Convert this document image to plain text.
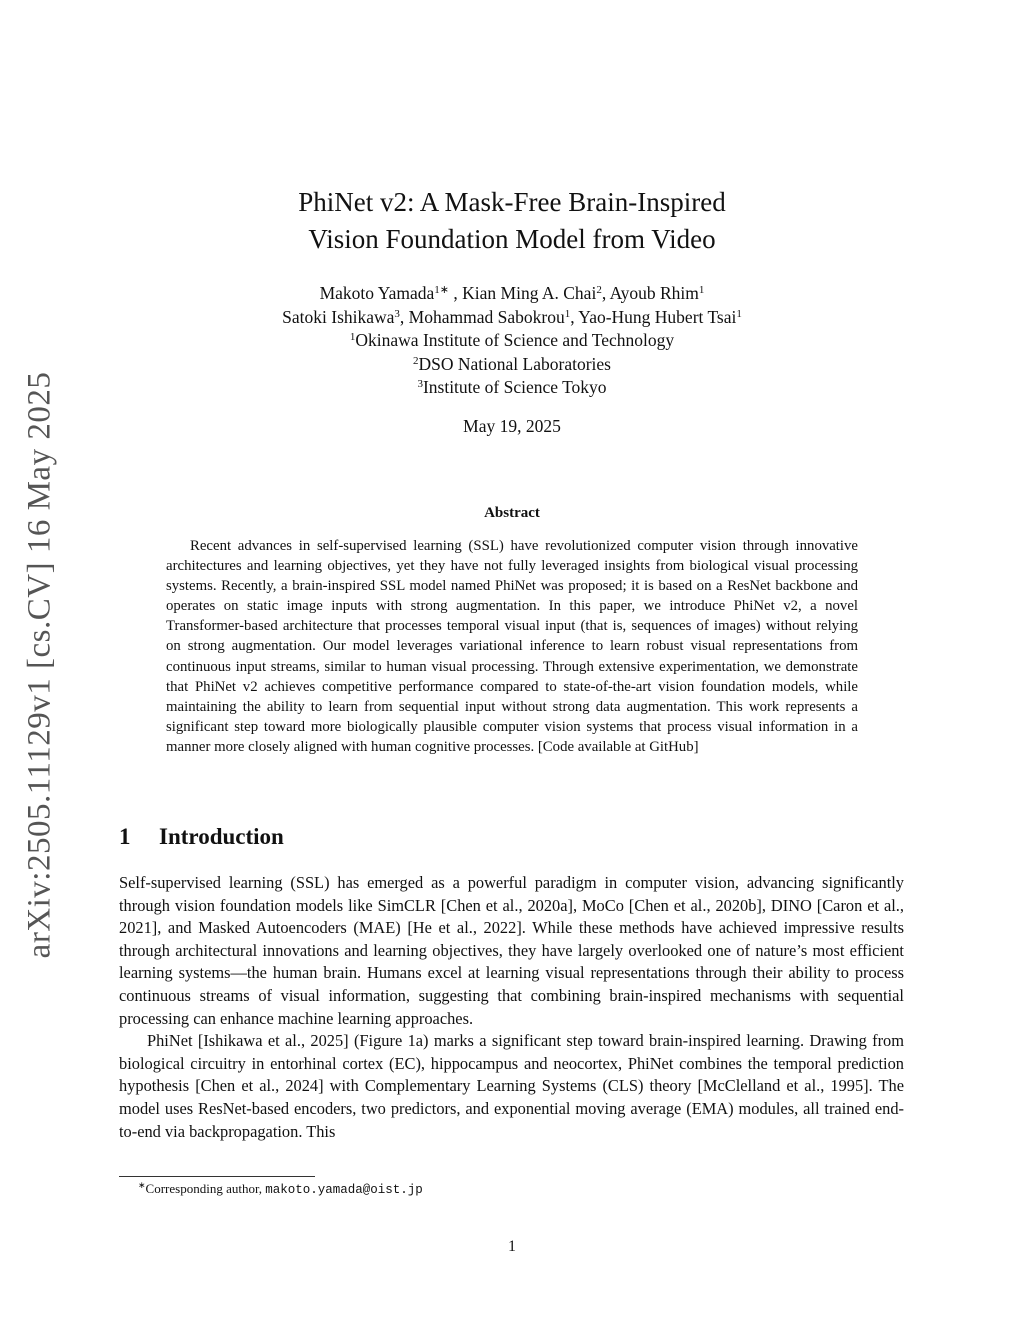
arXiv:2505.11129v1 [cs.CV] 16 May 2025
PhiNet v2: A Mask-Free Brain-Inspired
Vision Foundation Model from Video
Makoto Yamada$^{1∗}$ , Kian Ming A. Chai$^2$, Ayoub Rhim$^1$
Satoki Ishikawa$^3$, Mohammad Sabokrou$^1$, Yao-Hung Hubert Tsai$^1$
$^1$Okinawa Institute of Science and Technology
$^2$DSO National Laboratories
$^3$Institute of Science Tokyo
May 19, 2025
Abstract

Recent advances in self-supervised learning (SSL) have revolutionized computer vision through innovative architectures and learning objectives, yet they have not fully leveraged insights from biological visual processing systems. Recently, a brain-inspired SSL model named PhiNet was proposed; it is based on a ResNet backbone and operates on static image inputs with strong augmentation. In this paper, we introduce PhiNet v2, a novel Transformer-based architecture that processes temporal visual input (that is, sequences of images) without relying on strong augmentation. Our model leverages variational inference to learn robust visual representations from continuous input streams, similar to human visual processing. Through extensive experimentation, we demonstrate that PhiNet v2 achieves competitive performance compared to state-of-the-art vision foundation models, while maintaining the ability to learn from sequential input without strong data augmentation. This work represents a significant step toward more biologically plausible computer vision systems that process visual information in a manner more closely aligned with human cognitive processes. [Code available at GitHub]

1 Introduction

Self-supervised learning (SSL) has emerged as a powerful paradigm in computer vision, advancing significantly through vision foundation models like SimCLR [Chen et al., 2020a], MoCo [Chen et al., 2020b], DINO [Caron et al., 2021], and Masked Autoencoders (MAE) [He et al., 2022]. While these methods have achieved impressive results through architectural innovations and learning objectives, they have largely overlooked one of nature’s most efficient learning systems—the human brain. Humans excel at learning visual representations through their ability to process continuous streams of visual information, suggesting that combining brain-inspired mechanisms with sequential processing can enhance machine learning approaches.

PhiNet [Ishikawa et al., 2025] (Figure 1a) marks a significant step toward brain-inspired learning. Drawing from biological circuitry in entorhinal cortex (EC), hippocampus and neocortex, PhiNet combines the temporal prediction hypothesis [Chen et al., 2024] with Complementary Learning Systems (CLS) theory [McClelland et al., 1995]. The model uses ResNet-based encoders, two predictors, and exponential moving average (EMA) modules, all trained end-to-end via backpropagation. This

∗Corresponding author, makoto.yamada@oist.jp
1
